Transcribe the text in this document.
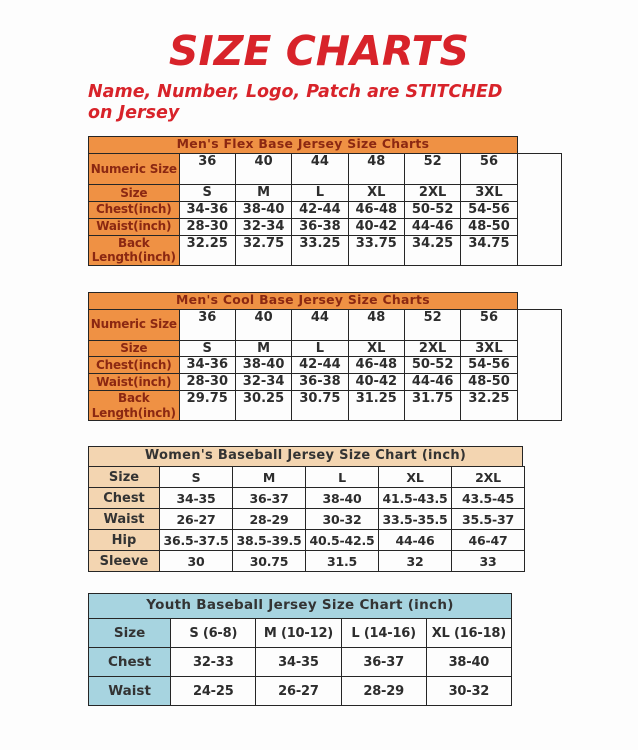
SIZE CHARTS
Name, Number, Logo, Patch are STITCHED
on Jersey
Men's Flex Base Jersey Size Charts
Numeric Size	36	40	44	48	52	56	
Size	S	M	L	XL	2XL	3XL	
Chest(inch)	34-36	38-40	42-44	46-48	50-52	54-56	
Waist(inch)	28-30	32-34	36-38	40-42	44-46	48-50	
Back Length(inch)	32.25	32.75	33.25	33.75	34.25	34.75	
Men's Cool Base Jersey Size Charts
Numeric Size	36	40	44	48	52	56	
Size	S	M	L	XL	2XL	3XL	
Chest(inch)	34-36	38-40	42-44	46-48	50-52	54-56	
Waist(inch)	28-30	32-34	36-38	40-42	44-46	48-50	
Back Length(inch)	29.75	30.25	30.75	31.25	31.75	32.25	
Women's Baseball Jersey Size Chart (inch)
Size	S	M	L	XL	2XL
Chest	34-35	36-37	38-40	41.5-43.5	43.5-45
Waist	26-27	28-29	30-32	33.5-35.5	35.5-37
Hip	36.5-37.5	38.5-39.5	40.5-42.5	44-46	46-47
Sleeve	30	30.75	31.5	32	33
Youth Baseball Jersey Size Chart (inch)
Size	S (6-8)	M (10-12)	L (14-16)	XL (16-18)
Chest	32-33	34-35	36-37	38-40
Waist	24-25	26-27	28-29	30-32
